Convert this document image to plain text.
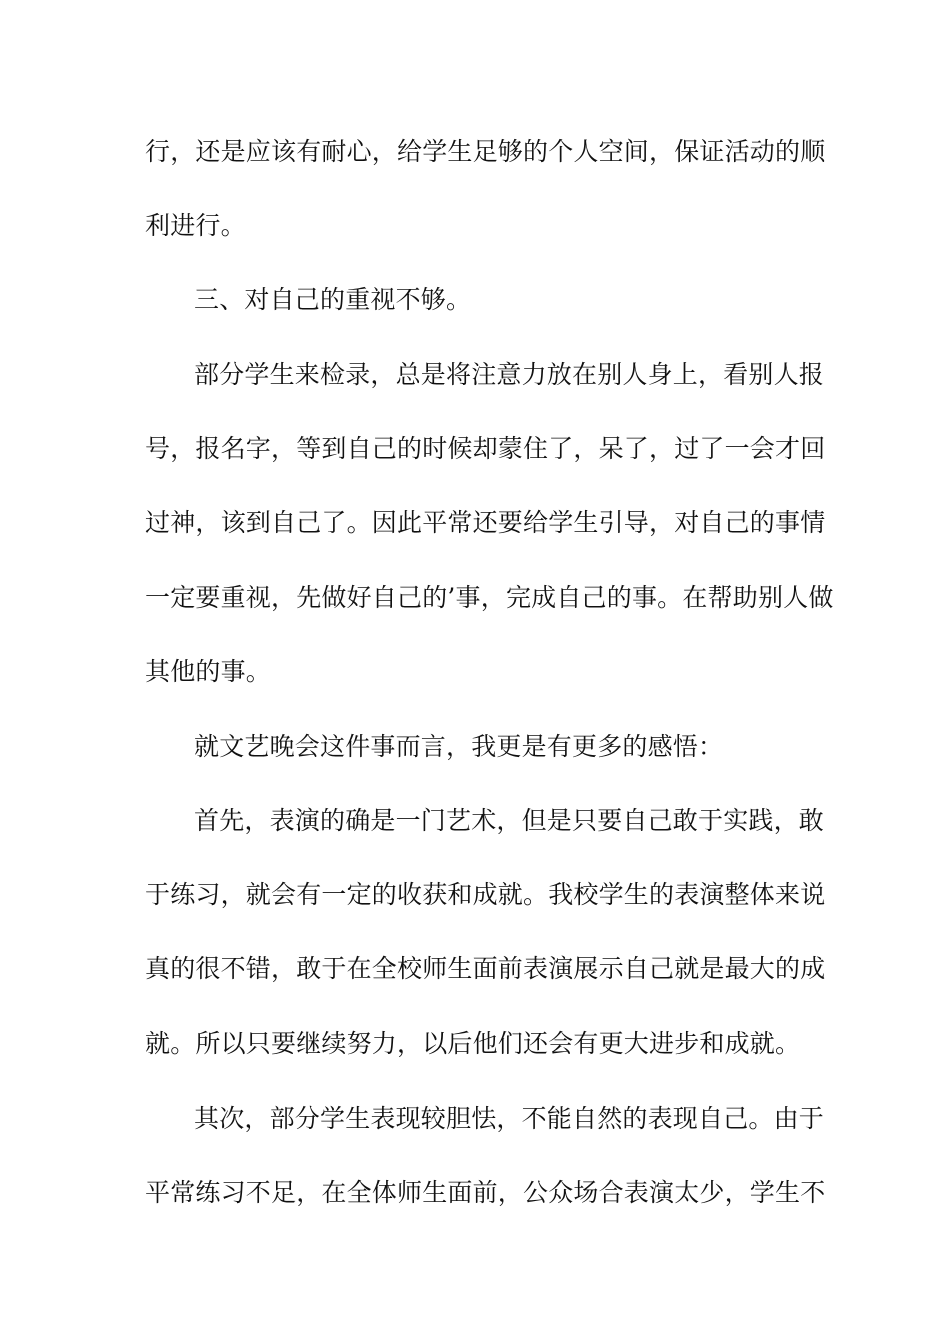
行，还是应该有耐心，给学生足够的个人空间，保证活动的顺
利进行。
三、对自己的重视不够。
部分学生来检录，总是将注意力放在别人身上，看别人报
号，报名字，等到自己的时候却蒙住了，呆了，过了一会才回
过神，该到自己了。因此平常还要给学生引导，对自己的事情
一定要重视，先做好自己的’事，完成自己的事。在帮助别人做
其他的事。
就文艺晚会这件事而言，我更是有更多的感悟：
首先，表演的确是一门艺术，但是只要自己敢于实践，敢
于练习，就会有一定的收获和成就。我校学生的表演整体来说
真的很不错，敢于在全校师生面前表演展示自己就是最大的成
就。所以只要继续努力，以后他们还会有更大进步和成就。
其次，部分学生表现较胆怯，不能自然的表现自己。由于
平常练习不足，在全体师生面前，公众场合表演太少，学生不
